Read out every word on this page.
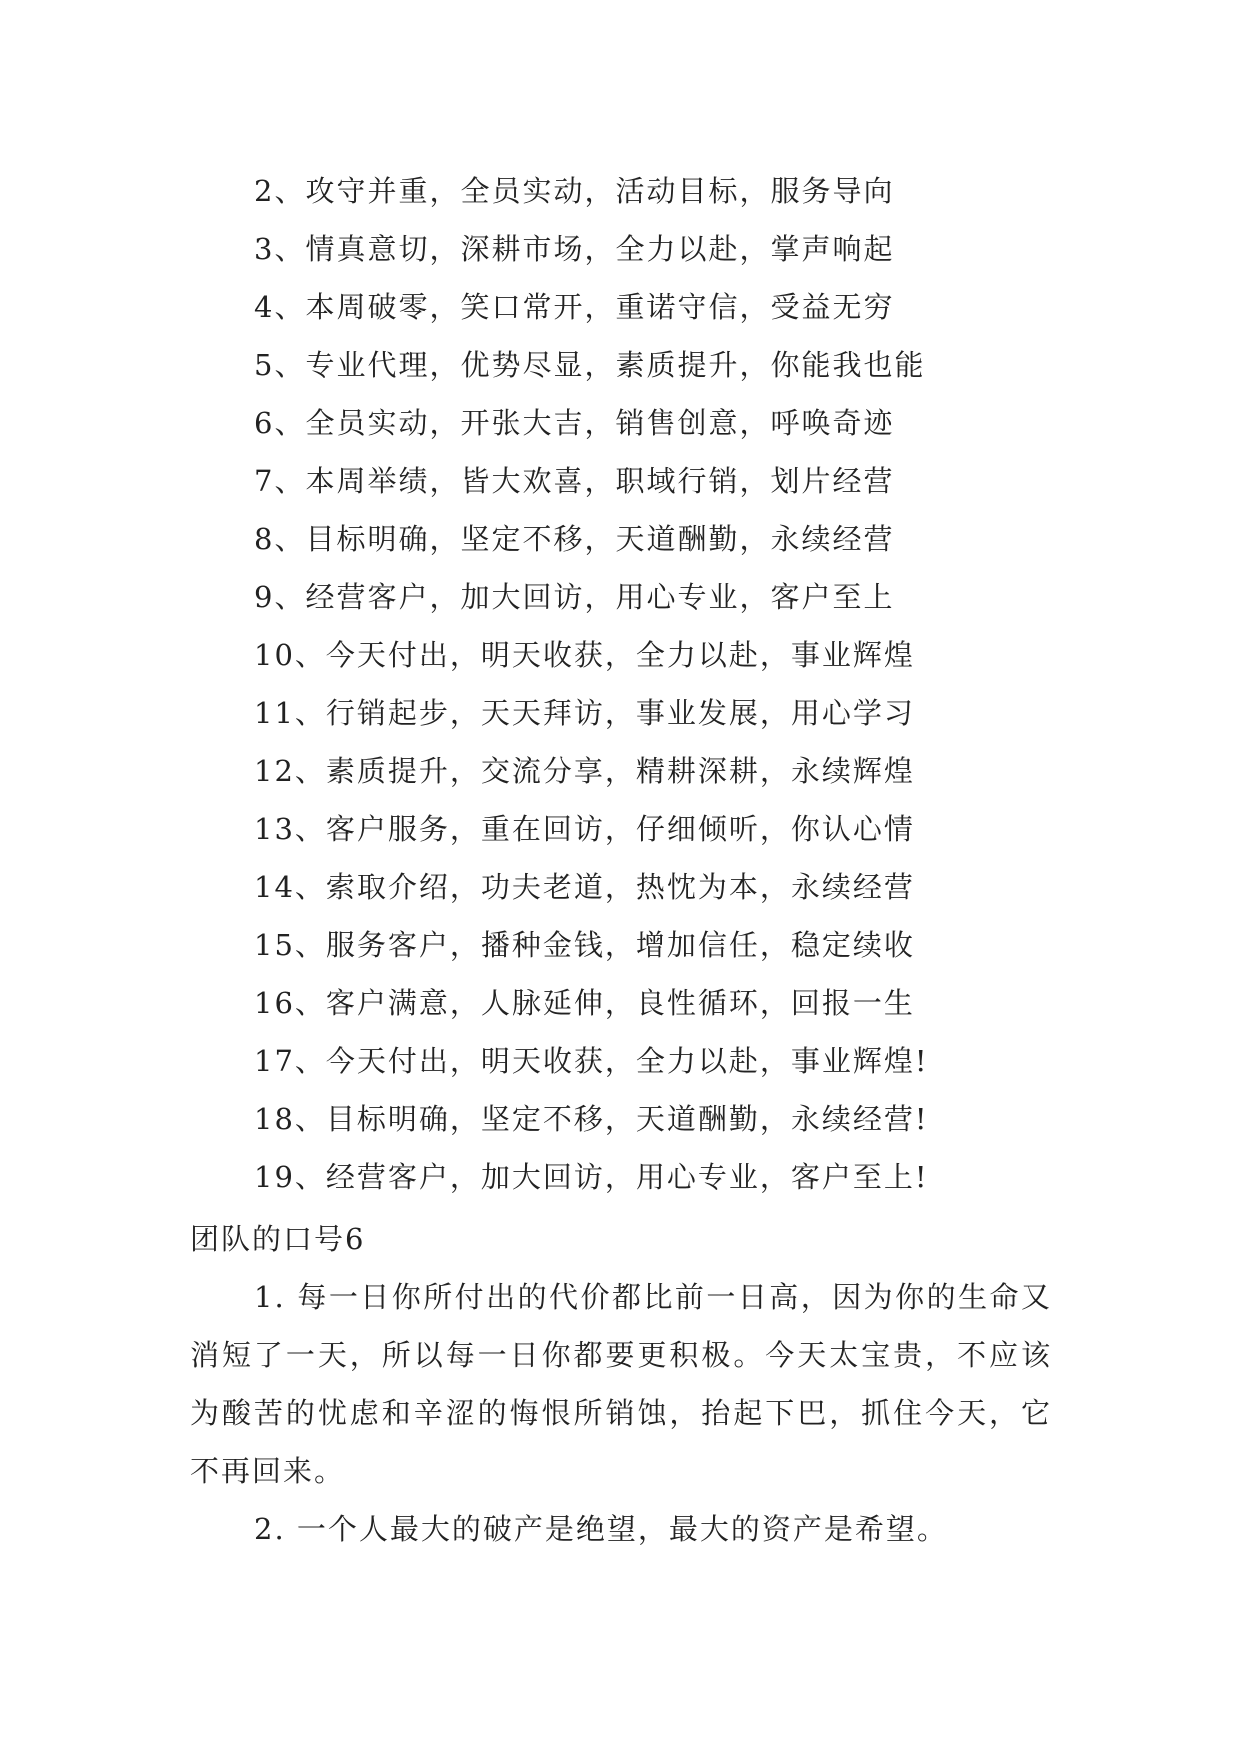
2、攻守并重，全员实动，活动目标，服务导向
3、情真意切，深耕市场，全力以赴，掌声响起
4、本周破零，笑口常开，重诺守信，受益无穷
5、专业代理，优势尽显，素质提升，你能我也能
6、全员实动，开张大吉，销售创意，呼唤奇迹
7、本周举绩，皆大欢喜，职域行销，划片经营
8、目标明确，坚定不移，天道酬勤，永续经营
9、经营客户，加大回访，用心专业，客户至上
10、今天付出，明天收获，全力以赴，事业辉煌
11、行销起步，天天拜访，事业发展，用心学习
12、素质提升，交流分享，精耕深耕，永续辉煌
13、客户服务，重在回访，仔细倾听，你认心情
14、索取介绍，功夫老道，热忱为本，永续经营
15、服务客户，播种金钱，增加信任，稳定续收
16、客户满意，人脉延伸，良性循环，回报一生
17、今天付出，明天收获，全力以赴，事业辉煌!
18、目标明确，坚定不移，天道酬勤，永续经营!
19、经营客户，加大回访，用心专业，客户至上!
团队的口号6

1. 每一日你所付出的代价都比前一日高，因为你的生命又消短了一天，所以每一日你都要更积极。今天太宝贵，不应该为酸苦的忧虑和辛涩的悔恨所销蚀，抬起下巴，抓住今天，它不再回来。

2. 一个人最大的破产是绝望，最大的资产是希望。
